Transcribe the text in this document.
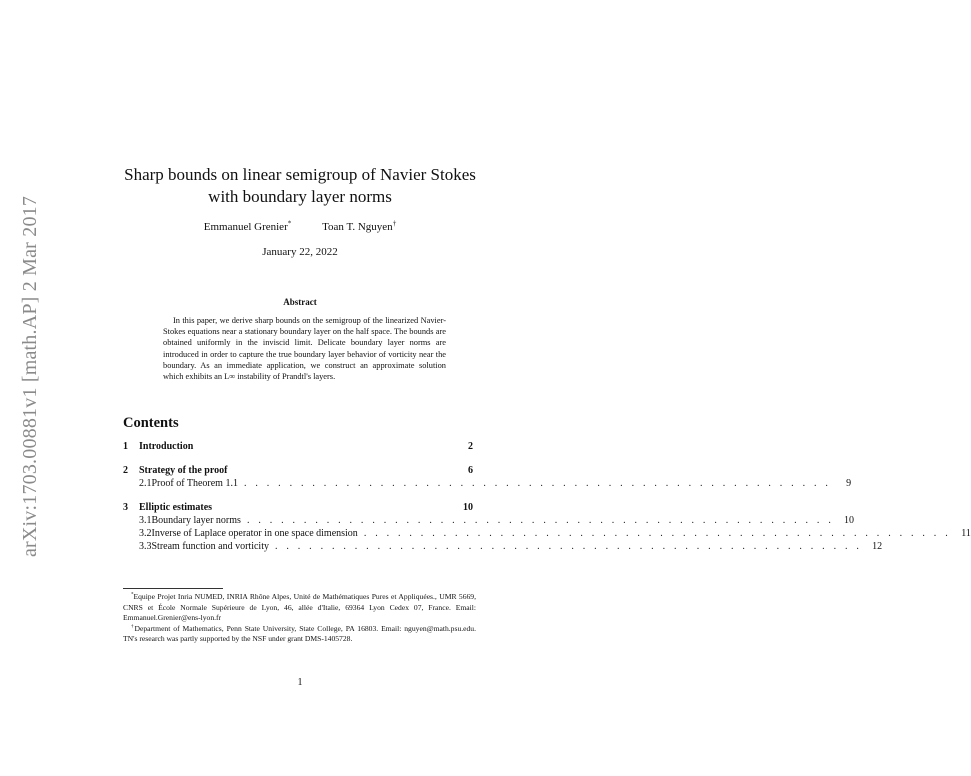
arXiv:1703.00881v1 [math.AP] 2 Mar 2017
Sharp bounds on linear semigroup of Navier Stokes
with boundary layer norms
Emmanuel Grenier*	Toan T. Nguyen†
January 22, 2022
Abstract
In this paper, we derive sharp bounds on the semigroup of the linearized Navier-Stokes equations near a stationary boundary layer on the half space. The bounds are obtained uniformly in the inviscid limit. Delicate boundary layer norms are introduced in order to capture the true boundary layer behavior of vorticity near the boundary. As an immediate application, we construct an approximate solution which exhibits an L∞ instability of Prandtl's layers.
Contents
1	Introduction	2
2	Strategy of the proof	6
2.1 Proof of Theorem 1.1 . . . . . . . . . . . . . . . . . . . . . . . . . . . . . . . . . . . . . . . . . . . . . . . . . . . .	9
3	Elliptic estimates	10
3.1 Boundary layer norms . . . . . . . . . . . . . . . . . . . . . . . . . . . . . . . . . . . . . . . . . . . . . . . . . . . .	10
3.2 Inverse of Laplace operator in one space dimension . . . . . . . . . . . . . . . . . . . . . . . . . . . . . . . . . . . . . . . . . . . . . . . . . . . .	11
3.3 Stream function and vorticity . . . . . . . . . . . . . . . . . . . . . . . . . . . . . . . . . . . . . . . . . . . . . . . . . . . .	12

*Equipe Projet Inria NUMED, INRIA Rhône Alpes, Unité de Mathématiques Pures et Appliquées., UMR 5669, CNRS et École Normale Supérieure de Lyon, 46, allée d'Italie, 69364 Lyon Cedex 07, France. Email: Emmanuel.Grenier@ens-lyon.fr

†Department of Mathematics, Penn State University, State College, PA 16803. Email: nguyen@math.psu.edu. TN's research was partly supported by the NSF under grant DMS-1405728.

1
